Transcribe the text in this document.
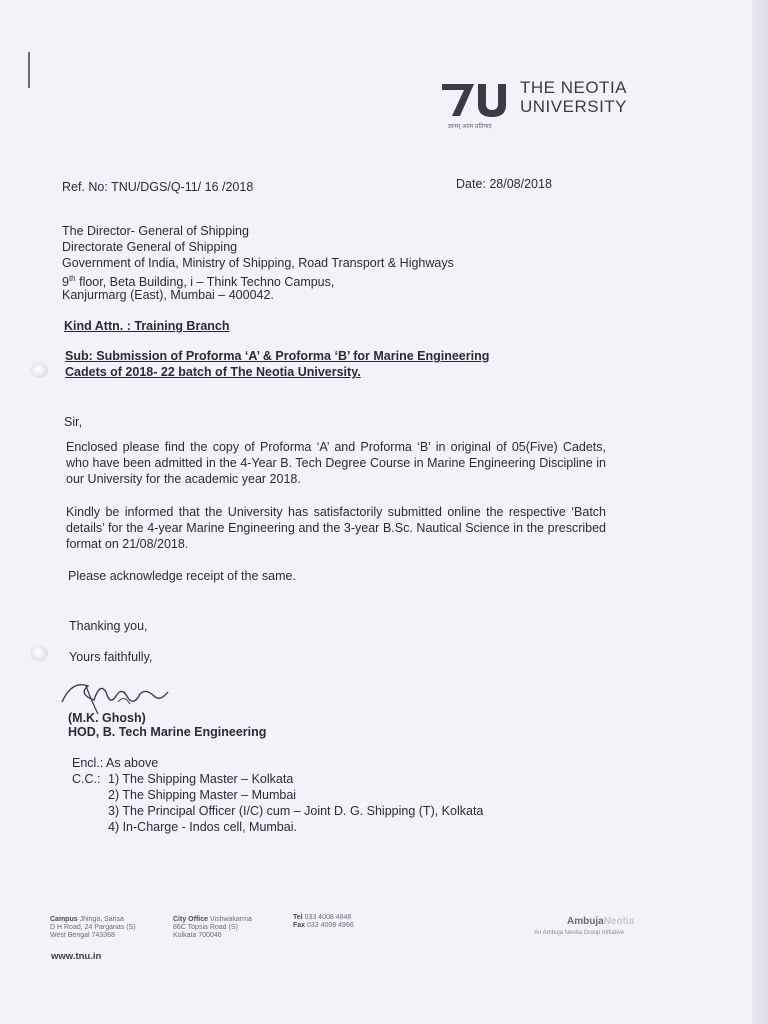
THE NEOTIA
UNIVERSITY
ज्ञानम् आत्म प्रतिपाद
Ref. No: TNU/DGS/Q-11/ 16 /2018	Date: 28/08/2018
The Director- General of Shipping
Directorate General of Shipping
Government of India, Ministry of Shipping, Road Transport & Highways
9th floor, Beta Building, i – Think Techno Campus,
Kanjurmarg (East), Mumbai – 400042.
Kind Attn. : Training Branch
Sub: Submission of Proforma ‘A’ & Proforma ‘B’ for Marine Engineering
Cadets of 2018- 22 batch of The Neotia University.
Sir,
Enclosed please find the copy of Proforma ‘A’ and Proforma ‘B’ in original of 05(Five) Cadets, who have been admitted in the 4-Year B. Tech Degree Course in Marine Engineering Discipline in our University for the academic year 2018.
Kindly be informed that the University has satisfactorily submitted online the respective ‘Batch details’ for the 4-year Marine Engineering and the 3-year B.Sc. Nautical Science in the prescribed format on 21/08/2018.
Please acknowledge receipt of the same.
Thanking you,
Yours faithfully,
(M.K. Ghosh)
HOD, B. Tech Marine Engineering
Encl.: As above
C.C.: 1) The Shipping Master – Kolkata
2) The Shipping Master – Mumbai
3) The Principal Officer (I/C) cum – Joint D. G. Shipping (T), Kolkata
4) In-Charge - Indos cell, Mumbai.
Campus Jhinga, Sarisa
D H Road, 24 Parganas (S)
West Bengal 743368
City Office Vishwakarma
86C Topsia Road (S)
Kolkata 700046
Tel 033 4008 4848
Fax 033 4008 4966
www.tnu.in
AmbujaNeotia
An Ambuja Neotia Group Initiative
